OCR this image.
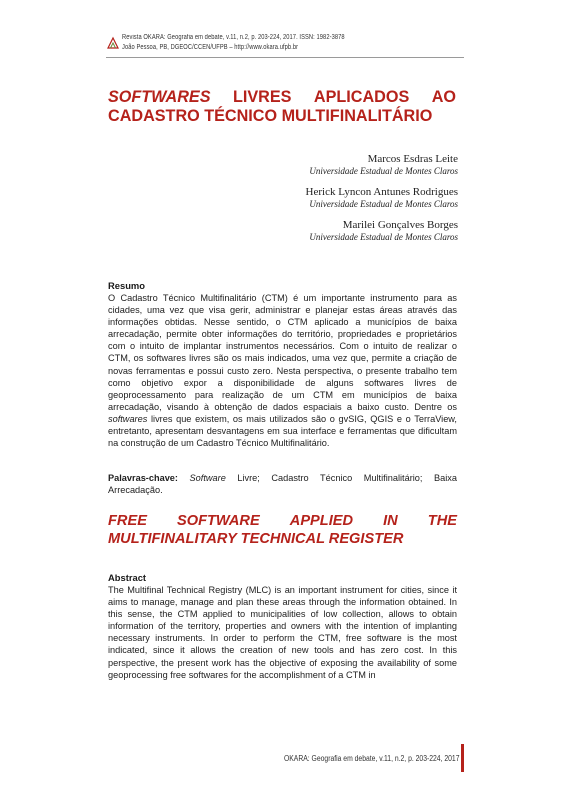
Revista OKARA: Geografia em debate, v.11, n.2, p. 203-224, 2017. ISSN: 1982-3878
João Pessoa, PB, DGEOC/CCEN/UFPB – http://www.okara.ufpb.br
SOFTWARES LIVRES APLICADOS AO
CADASTRO TÉCNICO MULTIFINALITÁRIO
Marcos Esdras Leite
Universidade Estadual de Montes Claros
Herick Lyncon Antunes Rodrigues
Universidade Estadual de Montes Claros
Marilei Gonçalves Borges
Universidade Estadual de Montes Claros
Resumo
O Cadastro Técnico Multifinalitário (CTM) é um importante instrumento para as cidades, uma vez que visa gerir, administrar e planejar estas áreas através das informações obtidas. Nesse sentido, o CTM aplicado a municípios de baixa arrecadação, permite obter informações do território, propriedades e proprietários com o intuito de implantar instrumentos necessários. Com o intuito de realizar o CTM, os softwares livres são os mais indicados, uma vez que, permite a criação de novas ferramentas e possui custo zero. Nesta perspectiva, o presente trabalho tem como objetivo expor a disponibilidade de alguns softwares livres de geoprocessamento para realização de um CTM em municípios de baixa arrecadação, visando à obtenção de dados espaciais a baixo custo. Dentre os softwares livres que existem, os mais utilizados são o gvSIG, QGIS e o TerraView, entretanto, apresentam desvantagens em sua interface e ferramentas que dificultam na construção de um Cadastro Técnico Multifinalitário.
Palavras-chave: Software Livre; Cadastro Técnico Multifinalitário; Baixa Arrecadação.
FREE SOFTWARE APPLIED IN THE
MULTIFINALITARY TECHNICAL REGISTER
Abstract
The Multifinal Technical Registry (MLC) is an important instrument for cities, since it aims to manage, manage and plan these areas through the information obtained. In this sense, the CTM applied to municipalities of low collection, allows to obtain information of the territory, properties and owners with the intention of implanting necessary instruments. In order to perform the CTM, free software is the most indicated, since it allows the creation of new tools and has zero cost. In this perspective, the present work has the objective of exposing the availability of some geoprocessing free softwares for the accomplishment of a CTM in
OKARA: Geografia em debate, v.11, n.2, p. 203-224, 2017
